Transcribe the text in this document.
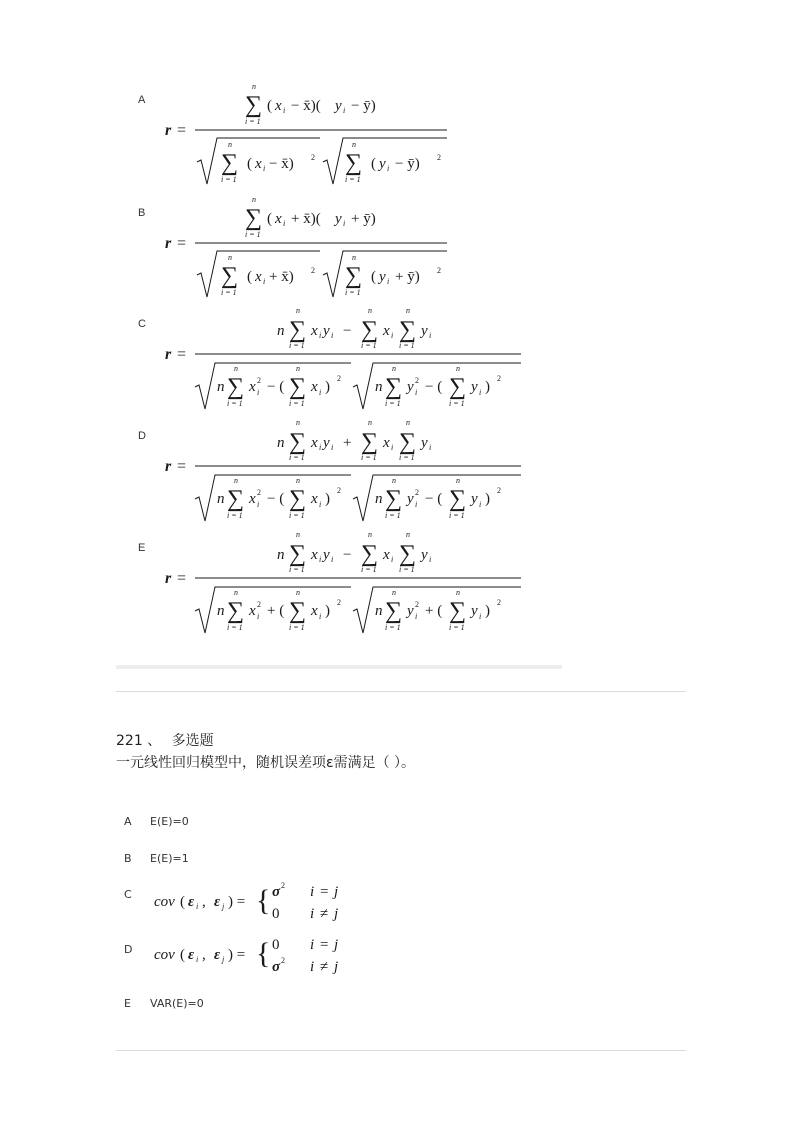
A	∑
n
i = 1
( x i − x̄)( y i − ȳ)
r =
∑
n
i = 1
( x i − x̄) 2 ∑
n
i = 1
( y i − ȳ) 2
B	∑
n
i = 1
( x i + x̄)( y i + ȳ)
r =
∑
n
i = 1
( x i + x̄) 2 ∑
n
i = 1
( y i + ȳ) 2
C	n ∑
n
i = 1
x i y i − ∑
n
i = 1
x i ∑
n
i = 1
y i
r =
n ∑
n
i = 1
x 2
i − ( ∑
n
i = 1
x i )
2
n ∑
n
i = 1
y 2
i − ( ∑
n
i = 1
y i )
2
D	n ∑
n
i = 1
x i y i + ∑
n
i = 1
x i ∑
n
i = 1
y i
r =
n ∑
n
i = 1
x 2
i − ( ∑
n
i = 1
x i )
2
n ∑
n
i = 1
y 2
i − ( ∑
n
i = 1
y i )
2
E	n ∑
n
i = 1
x i y i − ∑
n
i = 1
x i ∑
n
i = 1
y i
r =
n ∑
n
i = 1
x 2
i + ( ∑
n
i = 1
x i )
2
n ∑
n
i = 1
y 2
i + ( ∑
n
i = 1
y i )
2
221 、 多选题
一元线性回归模型中，随机误差项ε需满足（ ）。
A E(E)=0
B E(E)=1
C cov ( ε i , ε j ) = { σ 2 i = j
0 i ≠ j
D cov ( ε i , ε j ) = { 0 i = j
σ 2 i ≠ j
E VAR(E)=0
